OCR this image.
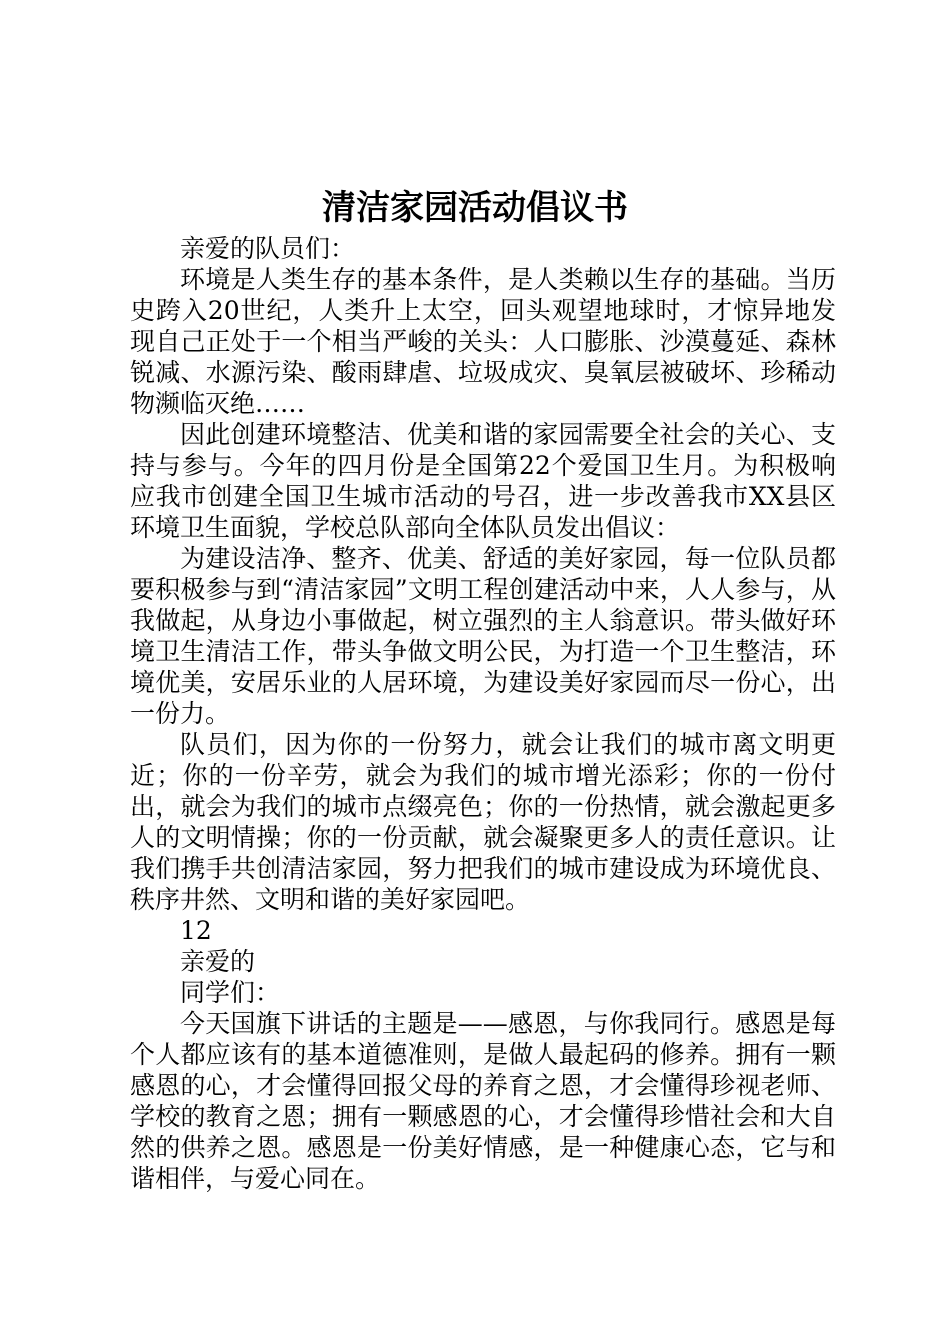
清洁家园活动倡议书

亲爱的队员们：

环境是人类生存的基本条件，是人类赖以生存的基础。当历史跨入20世纪，人类升上太空，回头观望地球时，才惊异地发现自己正处于一个相当严峻的关头：人口膨胀、沙漠蔓延、森林锐减、水源污染、酸雨肆虐、垃圾成灾、臭氧层被破坏、珍稀动物濒临灭绝……

因此创建环境整洁、优美和谐的家园需要全社会的关心、支持与参与。今年的四月份是全国第22个爱国卫生月。为积极响应我市创建全国卫生城市活动的号召，进一步改善我市XX县区环境卫生面貌，学校总队部向全体队员发出倡议：

为建设洁净、整齐、优美、舒适的美好家园，每一位队员都要积极参与到“清洁家园”文明工程创建活动中来，人人参与，从我做起，从身边小事做起，树立强烈的主人翁意识。带头做好环境卫生清洁工作，带头争做文明公民，为打造一个卫生整洁，环境优美，安居乐业的人居环境，为建设美好家园而尽一份心，出一份力。

队员们，因为你的一份努力，就会让我们的城市离文明更近；你的一份辛劳，就会为我们的城市增光添彩；你的一份付出，就会为我们的城市点缀亮色；你的一份热情，就会激起更多人的文明情操；你的一份贡献，就会凝聚更多人的责任意识。让我们携手共创清洁家园，努力把我们的城市建设成为环境优良、秩序井然、文明和谐的美好家园吧。

12

亲爱的

同学们：

今天国旗下讲话的主题是——感恩，与你我同行。感恩是每个人都应该有的基本道德准则，是做人最起码的修养。拥有一颗感恩的心，才会懂得回报父母的养育之恩，才会懂得珍视老师、学校的教育之恩；拥有一颗感恩的心，才会懂得珍惜社会和大自然的供养之恩。感恩是一份美好情感，是一种健康心态，它与和谐相伴，与爱心同在。
